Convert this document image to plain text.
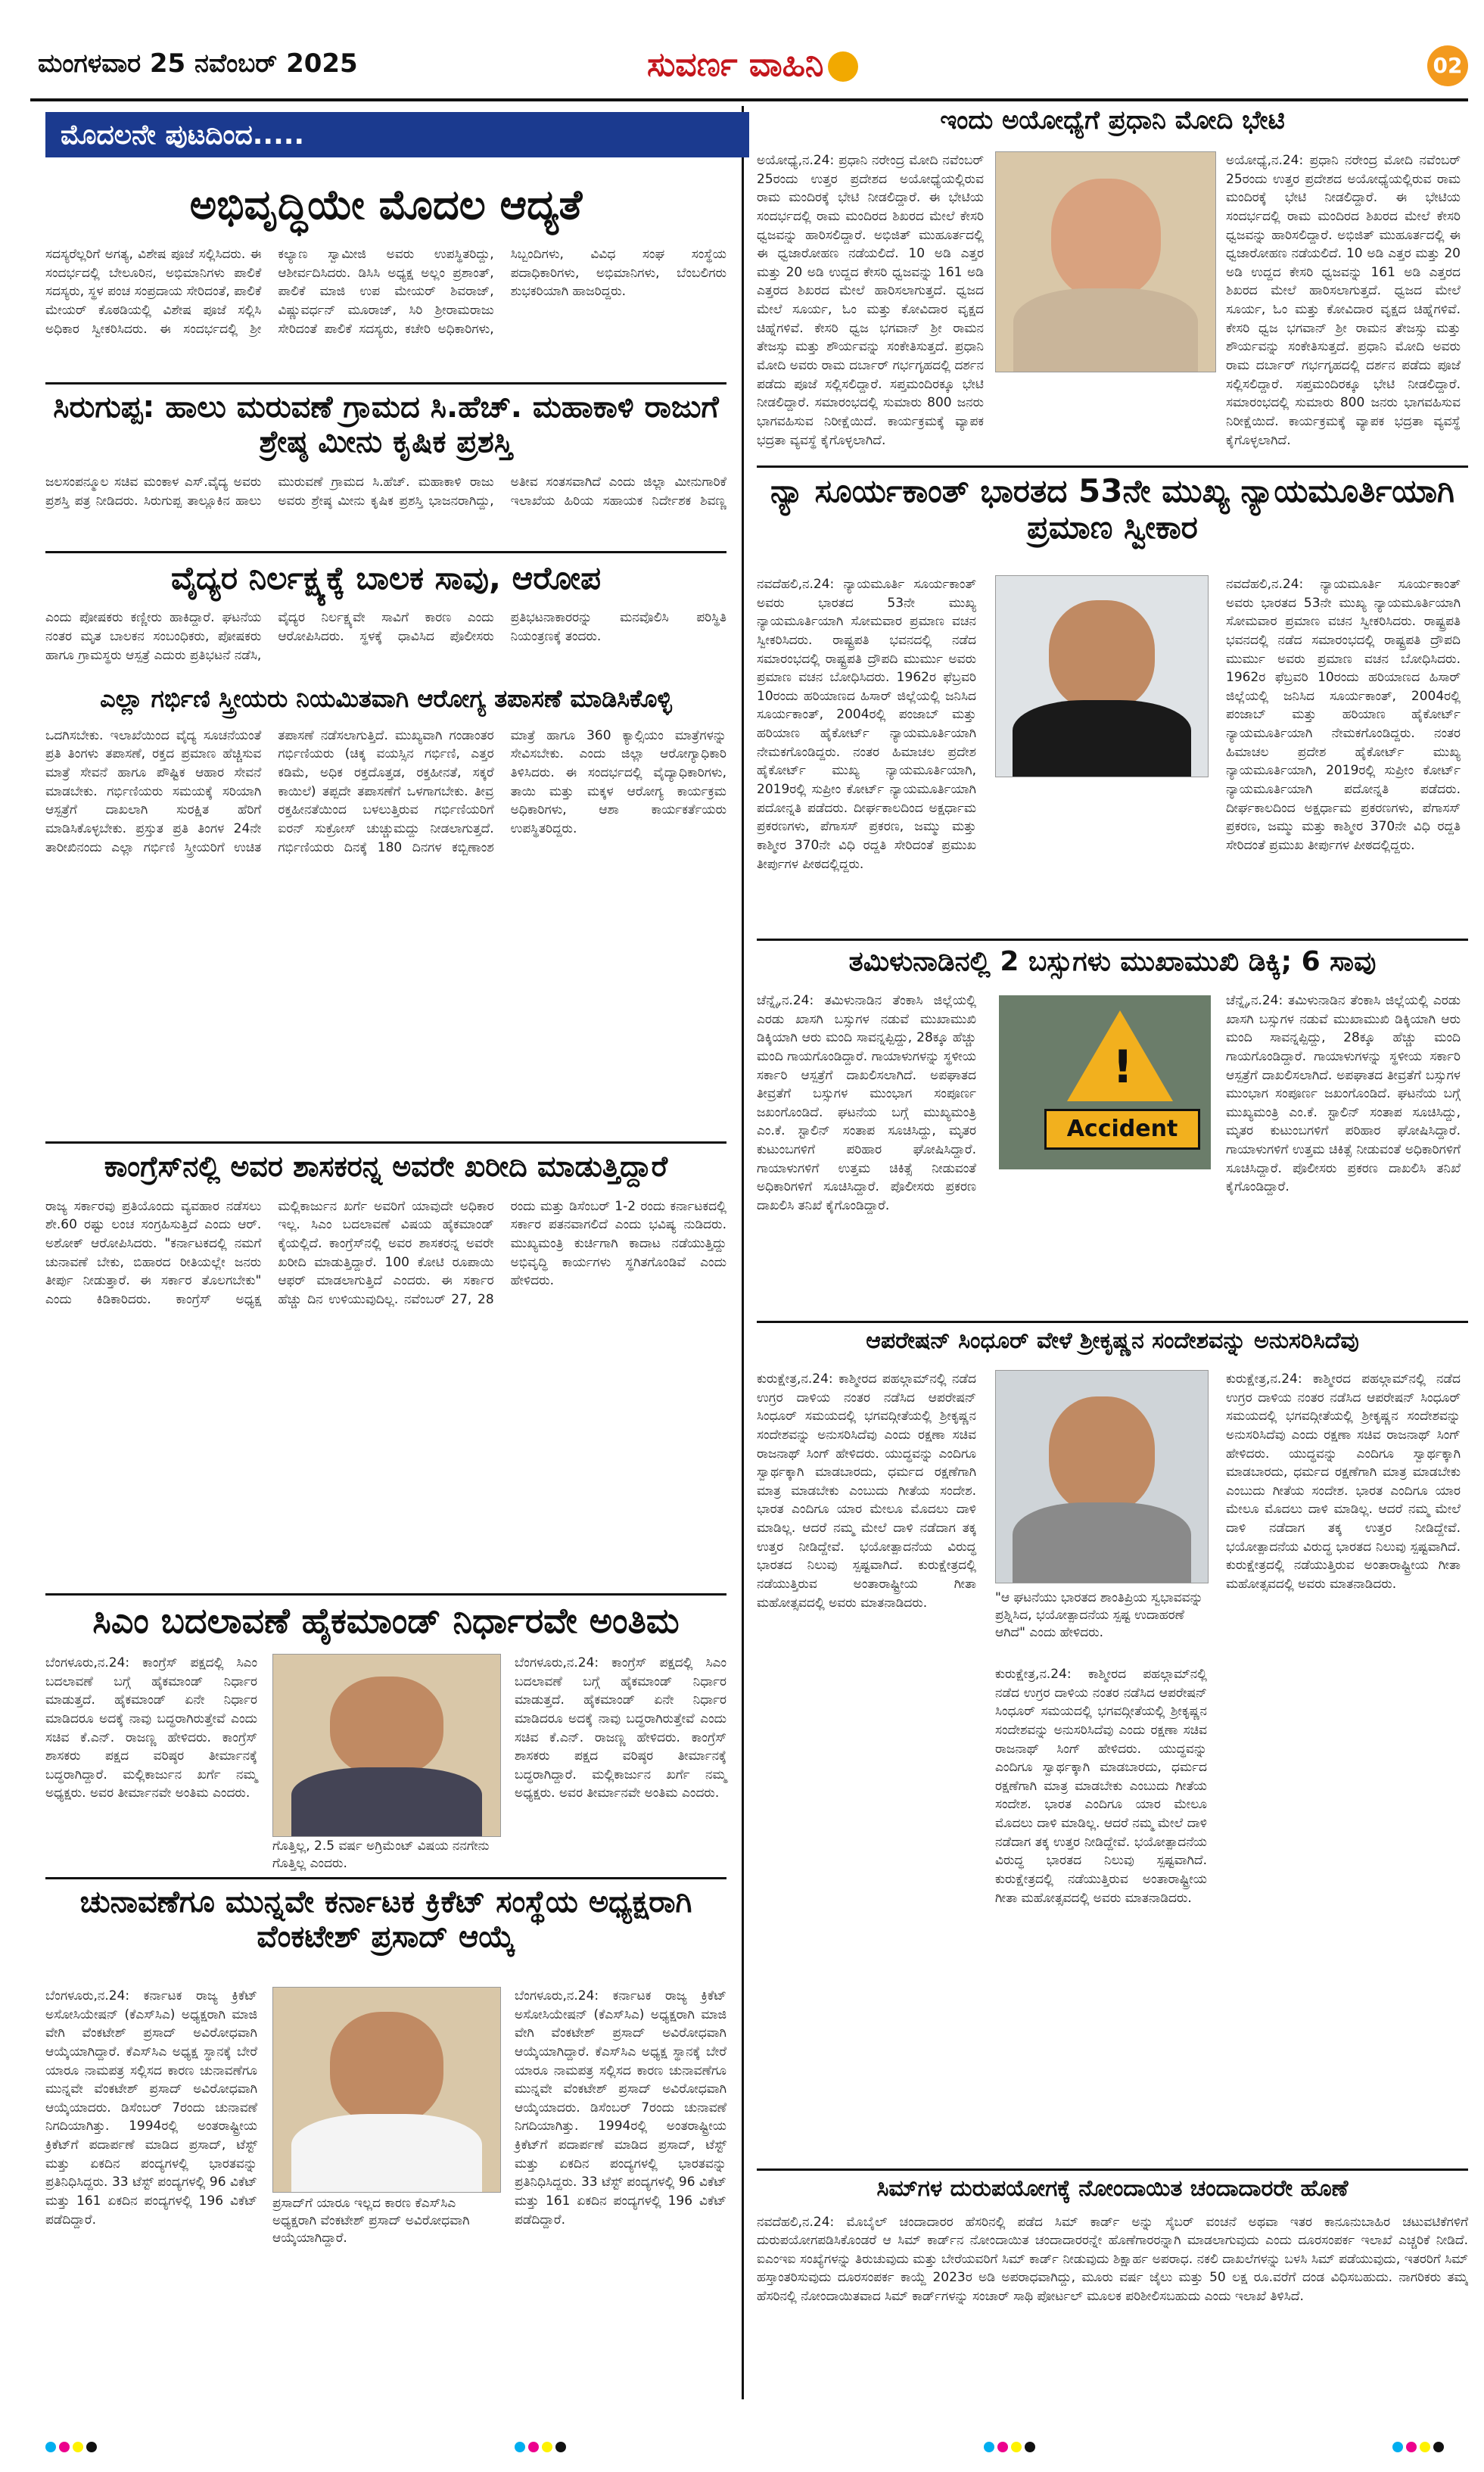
ಮಂಗಳವಾರ 25 ನವೆಂಬರ್ 2025	ಸುವರ್ಣ ವಾಹಿನಿ	02
ಮೊದಲನೇ ಪುಟದಿಂದ.....
ಅಭಿವೃದ್ಧಿಯೇ ಮೊದಲ ಆದ್ಯತೆ
ಸದಸ್ಯರೆಲ್ಲರಿಗೆ ಅಗತ್ಯ, ವಿಶೇಷ ಪೂಜೆ ಸಲ್ಲಿಸಿದರು. ಈ ಸಂದರ್ಭದಲ್ಲಿ ಬೇಲೂರಿನ, ಅಭಿಮಾನಿಗಳು ಪಾಲಿಕೆ ಸದಸ್ಯರು, ಸ್ಥಳ ಪಂಚ ಸಂಪ್ರದಾಯ ಸೇರಿದಂತೆ, ಪಾಲಿಕೆ ಮೇಯರ್ ಕೊಠಡಿಯಲ್ಲಿ ವಿಶೇಷ ಪೂಜೆ ಸಲ್ಲಿಸಿ ಅಧಿಕಾರ ಸ್ವೀಕರಿಸಿದರು. ಈ ಸಂದರ್ಭದಲ್ಲಿ ಶ್ರೀ ಕಲ್ಯಾಣ ಸ್ವಾಮೀಜಿ ಅವರು ಉಪಸ್ಥಿತರಿದ್ದು, ಆಶೀರ್ವದಿಸಿದರು. ಡಿಸಿಸಿ ಅಧ್ಯಕ್ಷ ಅಲ್ಲಂ ಪ್ರಶಾಂತ್, ಪಾಲಿಕೆ ಮಾಜಿ ಉಪ ಮೇಯರ್ ಶಿವರಾಜ್, ವಿಷ್ಣುವರ್ಧನ್ ಮೂರಾಜ್, ಸಿರಿ ಶ್ರೀರಾಮರಾಜು ಸೇರಿದಂತೆ ಪಾಲಿಕೆ ಸದಸ್ಯರು, ಕಚೇರಿ ಅಧಿಕಾರಿಗಳು, ಸಿಬ್ಬಂದಿಗಳು, ವಿವಿಧ ಸಂಘ ಸಂಸ್ಥೆಯ ಪದಾಧಿಕಾರಿಗಳು, ಅಭಿಮಾನಿಗಳು, ಬೆಂಬಲಿಗರು ಶುಭಕರಿಯಾಗಿ ಹಾಜರಿದ್ದರು.
ಸಿರುಗುಪ್ಪ: ಹಾಲು ಮರುವಣೆ ಗ್ರಾಮದ ಸಿ.ಹೆಚ್. ಮಹಾಕಾಳಿ ರಾಜುಗೆ ಶ್ರೇಷ್ಠ ಮೀನು ಕೃಷಿಕ ಪ್ರಶಸ್ತಿ
ಜಲಸಂಪನ್ಮೂಲ ಸಚಿವ ಮಂಕಾಳ ಎಸ್.ವೈದ್ಯ ಅವರು ಪ್ರಶಸ್ತಿ ಪತ್ರ ನೀಡಿದರು. ಸಿರುಗುಪ್ಪ ತಾಲ್ಲೂಕಿನ ಹಾಲು ಮುರುವಣೆ ಗ್ರಾಮದ ಸಿ.ಹೆಚ್. ಮಹಾಕಾಳಿ ರಾಜು ಅವರು ಶ್ರೇಷ್ಠ ಮೀನು ಕೃಷಿಕ ಪ್ರಶಸ್ತಿ ಭಾಜನರಾಗಿದ್ದು, ಅತೀವ ಸಂತಸವಾಗಿದೆ ಎಂದು ಜಿಲ್ಲಾ ಮೀನುಗಾರಿಕೆ ಇಲಾಖೆಯ ಹಿರಿಯ ಸಹಾಯಕ ನಿರ್ದೇಶಕ ಶಿವಣ್ಣ
ವೈದ್ಯರ ನಿರ್ಲಕ್ಷ್ಯಕ್ಕೆ ಬಾಲಕ ಸಾವು, ಆರೋಪ
ಎಂದು ಪೋಷಕರು ಕಣ್ಣೀರು ಹಾಕಿದ್ದಾರೆ. ಘಟನೆಯ ನಂತರ ಮೃತ ಬಾಲಕನ ಸಂಬಂಧಿಕರು, ಪೋಷಕರು ಹಾಗೂ ಗ್ರಾಮಸ್ಥರು ಆಸ್ಪತ್ರೆ ಎದುರು ಪ್ರತಿಭಟನೆ ನಡೆಸಿ, ವೈದ್ಯರ ನಿರ್ಲಕ್ಷ್ಯವೇ ಸಾವಿಗೆ ಕಾರಣ ಎಂದು ಆರೋಪಿಸಿದರು. ಸ್ಥಳಕ್ಕೆ ಧಾವಿಸಿದ ಪೊಲೀಸರು ಪ್ರತಿಭಟನಾಕಾರರನ್ನು ಮನವೊಲಿಸಿ ಪರಿಸ್ಥಿತಿ ನಿಯಂತ್ರಣಕ್ಕೆ ತಂದರು.
ಎಲ್ಲಾ ಗರ್ಭಿಣಿ ಸ್ತ್ರೀಯರು ನಿಯಮಿತವಾಗಿ ಆರೋಗ್ಯ ತಪಾಸಣೆ ಮಾಡಿಸಿಕೊಳ್ಳಿ
ಒದಗಿಸಬೇಕು. ಇಲಾಖೆಯಿಂದ ವೈದ್ಯ ಸೂಚನೆಯಂತೆ ಪ್ರತಿ ತಿಂಗಳು ತಪಾಸಣೆ, ರಕ್ತದ ಪ್ರಮಾಣ ಹೆಚ್ಚಿಸುವ ಮಾತ್ರೆ ಸೇವನೆ ಹಾಗೂ ಪೌಷ್ಟಿಕ ಆಹಾರ ಸೇವನೆ ಮಾಡಬೇಕು. ಗರ್ಭಿಣಿಯರು ಸಮಯಕ್ಕೆ ಸರಿಯಾಗಿ ಆಸ್ಪತ್ರೆಗೆ ದಾಖಲಾಗಿ ಸುರಕ್ಷಿತ ಹೆರಿಗೆ ಮಾಡಿಸಿಕೊಳ್ಳಬೇಕು. ಪ್ರಸ್ತುತ ಪ್ರತಿ ತಿಂಗಳ 24ನೇ ತಾರೀಖಿನಂದು ಎಲ್ಲಾ ಗರ್ಭಿಣಿ ಸ್ತ್ರೀಯರಿಗೆ ಉಚಿತ ತಪಾಸಣೆ ನಡೆಸಲಾಗುತ್ತಿದೆ. ಮುಖ್ಯವಾಗಿ ಗಂಡಾಂತರ ಗರ್ಭಿಣಿಯರು (ಚಿಕ್ಕ ವಯಸ್ಸಿನ ಗರ್ಭಿಣಿ, ಎತ್ತರ ಕಡಿಮೆ, ಅಧಿಕ ರಕ್ತದೊತ್ತಡ, ರಕ್ತಹೀನತೆ, ಸಕ್ಕರೆ ಕಾಯಿಲೆ) ತಪ್ಪದೇ ತಪಾಸಣೆಗೆ ಒಳಗಾಗಬೇಕು. ತೀವ್ರ ರಕ್ತಹೀನತೆಯಿಂದ ಬಳಲುತ್ತಿರುವ ಗರ್ಭಿಣಿಯರಿಗೆ ಐರನ್ ಸುಕ್ರೋಸ್ ಚುಚ್ಚುಮದ್ದು ನೀಡಲಾಗುತ್ತದೆ. ಗರ್ಭಿಣಿಯರು ದಿನಕ್ಕೆ 180 ದಿನಗಳ ಕಬ್ಬಿಣಾಂಶ ಮಾತ್ರೆ ಹಾಗೂ 360 ಕ್ಯಾಲ್ಸಿಯಂ ಮಾತ್ರೆಗಳನ್ನು ಸೇವಿಸಬೇಕು. ಎಂದು ಜಿಲ್ಲಾ ಆರೋಗ್ಯಾಧಿಕಾರಿ ತಿಳಿಸಿದರು. ಈ ಸಂದರ್ಭದಲ್ಲಿ ವೈದ್ಯಾಧಿಕಾರಿಗಳು, ತಾಯಿ ಮತ್ತು ಮಕ್ಕಳ ಆರೋಗ್ಯ ಕಾರ್ಯಕ್ರಮ ಅಧಿಕಾರಿಗಳು, ಆಶಾ ಕಾರ್ಯಕರ್ತೆಯರು ಉಪಸ್ಥಿತರಿದ್ದರು.
ಕಾಂಗ್ರೆಸ್‌ನಲ್ಲಿ ಅವರ ಶಾಸಕರನ್ನ ಅವರೇ ಖರೀದಿ ಮಾಡುತ್ತಿದ್ದಾರೆ
ರಾಜ್ಯ ಸರ್ಕಾರವು ಪ್ರತಿಯೊಂದು ವ್ಯವಹಾರ ನಡೆಸಲು ಶೇ.60 ರಷ್ಟು ಲಂಚ ಸಂಗ್ರಹಿಸುತ್ತಿದೆ ಎಂದು ಆರ್. ಅಶೋಕ್ ಆರೋಪಿಸಿದರು. "ಕರ್ನಾಟಕದಲ್ಲಿ ನಮಗೆ ಚುನಾವಣೆ ಬೇಕು, ಬಿಹಾರದ ರೀತಿಯಲ್ಲೇ ಜನರು ತೀರ್ಪು ನೀಡುತ್ತಾರೆ. ಈ ಸರ್ಕಾರ ತೊಲಗಬೇಕು" ಎಂದು ಕಿಡಿಕಾರಿದರು. ಕಾಂಗ್ರೆಸ್ ಅಧ್ಯಕ್ಷ ಮಲ್ಲಿಕಾರ್ಜುನ ಖರ್ಗೆ ಅವರಿಗೆ ಯಾವುದೇ ಅಧಿಕಾರ ಇಲ್ಲ. ಸಿಎಂ ಬದಲಾವಣೆ ವಿಷಯ ಹೈಕಮಾಂಡ್ ಕೈಯಲ್ಲಿದೆ. ಕಾಂಗ್ರೆಸ್‌ನಲ್ಲಿ ಅವರ ಶಾಸಕರನ್ನ ಅವರೇ ಖರೀದಿ ಮಾಡುತ್ತಿದ್ದಾರೆ. 100 ಕೋಟಿ ರೂಪಾಯಿ ಆಫರ್ ಮಾಡಲಾಗುತ್ತಿದೆ ಎಂದರು. ಈ ಸರ್ಕಾರ ಹೆಚ್ಚು ದಿನ ಉಳಿಯುವುದಿಲ್ಲ. ನವೆಂಬರ್ 27, 28 ರಂದು ಮತ್ತು ಡಿಸೆಂಬರ್ 1-2 ರಂದು ಕರ್ನಾಟಕದಲ್ಲಿ ಸರ್ಕಾರ ಪತನವಾಗಲಿದೆ ಎಂದು ಭವಿಷ್ಯ ನುಡಿದರು. ಮುಖ್ಯಮಂತ್ರಿ ಕುರ್ಚಿಗಾಗಿ ಕಾದಾಟ ನಡೆಯುತ್ತಿದ್ದು ಅಭಿವೃದ್ಧಿ ಕಾರ್ಯಗಳು ಸ್ಥಗಿತಗೊಂಡಿವೆ ಎಂದು ಹೇಳಿದರು.
ಸಿಎಂ ಬದಲಾವಣೆ ಹೈಕಮಾಂಡ್ ನಿರ್ಧಾರವೇ ಅಂತಿಮ
ಬೆಂಗಳೂರು,ನ.24: ಕಾಂಗ್ರೆಸ್ ಪಕ್ಷದಲ್ಲಿ ಸಿಎಂ ಬದಲಾವಣೆ ಬಗ್ಗೆ ಹೈಕಮಾಂಡ್ ನಿರ್ಧಾರ ಮಾಡುತ್ತದೆ. ಹೈಕಮಾಂಡ್ ಏನೇ ನಿರ್ಧಾರ ಮಾಡಿದರೂ ಅದಕ್ಕೆ ನಾವು ಬದ್ಧರಾಗಿರುತ್ತೇವೆ ಎಂದು ಸಚಿವ ಕೆ.ಎನ್. ರಾಜಣ್ಣ ಹೇಳಿದರು. ಕಾಂಗ್ರೆಸ್ ಶಾಸಕರು ಪಕ್ಷದ ವರಿಷ್ಠರ ತೀರ್ಮಾನಕ್ಕೆ ಬದ್ಧರಾಗಿದ್ದಾರೆ. ಮಲ್ಲಿಕಾರ್ಜುನ ಖರ್ಗೆ ನಮ್ಮ ಅಧ್ಯಕ್ಷರು. ಅವರ ತೀರ್ಮಾನವೇ ಅಂತಿಮ ಎಂದರು.
ಗೊತ್ತಿಲ್ಲ, 2.5 ವರ್ಷ ಅಗ್ರಿಮೆಂಟ್ ವಿಷಯ ನನಗೇನು ಗೊತ್ತಿಲ್ಲ ಎಂದರು.
ಬೆಂಗಳೂರು,ನ.24: ಕಾಂಗ್ರೆಸ್ ಪಕ್ಷದಲ್ಲಿ ಸಿಎಂ ಬದಲಾವಣೆ ಬಗ್ಗೆ ಹೈಕಮಾಂಡ್ ನಿರ್ಧಾರ ಮಾಡುತ್ತದೆ. ಹೈಕಮಾಂಡ್ ಏನೇ ನಿರ್ಧಾರ ಮಾಡಿದರೂ ಅದಕ್ಕೆ ನಾವು ಬದ್ಧರಾಗಿರುತ್ತೇವೆ ಎಂದು ಸಚಿವ ಕೆ.ಎನ್. ರಾಜಣ್ಣ ಹೇಳಿದರು. ಕಾಂಗ್ರೆಸ್ ಶಾಸಕರು ಪಕ್ಷದ ವರಿಷ್ಠರ ತೀರ್ಮಾನಕ್ಕೆ ಬದ್ಧರಾಗಿದ್ದಾರೆ. ಮಲ್ಲಿಕಾರ್ಜುನ ಖರ್ಗೆ ನಮ್ಮ ಅಧ್ಯಕ್ಷರು. ಅವರ ತೀರ್ಮಾನವೇ ಅಂತಿಮ ಎಂದರು.
ಚುನಾವಣೆಗೂ ಮುನ್ನವೇ ಕರ್ನಾಟಕ ಕ್ರಿಕೆಟ್ ಸಂಸ್ಥೆಯ ಅಧ್ಯಕ್ಷರಾಗಿ ವೆಂಕಟೇಶ್ ಪ್ರಸಾದ್ ಆಯ್ಕೆ
ಬೆಂಗಳೂರು,ನ.24: ಕರ್ನಾಟಕ ರಾಜ್ಯ ಕ್ರಿಕೆಟ್ ಅಸೋಸಿಯೇಷನ್ (ಕೆಎಸ್‌ಸಿಎ) ಅಧ್ಯಕ್ಷರಾಗಿ ಮಾಜಿ ವೇಗಿ ವೆಂಕಟೇಶ್ ಪ್ರಸಾದ್ ಅವಿರೋಧವಾಗಿ ಆಯ್ಕೆಯಾಗಿದ್ದಾರೆ. ಕೆಎಸ್‌ಸಿಎ ಅಧ್ಯಕ್ಷ ಸ್ಥಾನಕ್ಕೆ ಬೇರೆ ಯಾರೂ ನಾಮಪತ್ರ ಸಲ್ಲಿಸದ ಕಾರಣ ಚುನಾವಣೆಗೂ ಮುನ್ನವೇ ವೆಂಕಟೇಶ್ ಪ್ರಸಾದ್ ಅವಿರೋಧವಾಗಿ ಆಯ್ಕೆಯಾದರು. ಡಿಸೆಂಬರ್ 7ರಂದು ಚುನಾವಣೆ ನಿಗದಿಯಾಗಿತ್ತು. 1994ರಲ್ಲಿ ಅಂತರಾಷ್ಟ್ರೀಯ ಕ್ರಿಕೆಟ್‌ಗೆ ಪದಾರ್ಪಣೆ ಮಾಡಿದ ಪ್ರಸಾದ್, ಟೆಸ್ಟ್ ಮತ್ತು ಏಕದಿನ ಪಂದ್ಯಗಳಲ್ಲಿ ಭಾರತವನ್ನು ಪ್ರತಿನಿಧಿಸಿದ್ದರು. 33 ಟೆಸ್ಟ್ ಪಂದ್ಯಗಳಲ್ಲಿ 96 ವಿಕೆಟ್ ಮತ್ತು 161 ಏಕದಿನ ಪಂದ್ಯಗಳಲ್ಲಿ 196 ವಿಕೆಟ್ ಪಡೆದಿದ್ದಾರೆ.
ಪ್ರಸಾದ್‌ಗೆ ಯಾರೂ ಇಲ್ಲದ ಕಾರಣ ಕೆಎಸ್‌ಸಿಎ ಅಧ್ಯಕ್ಷರಾಗಿ ವೆಂಕಟೇಶ್ ಪ್ರಸಾದ್ ಅವಿರೋಧವಾಗಿ ಆಯ್ಕೆಯಾಗಿದ್ದಾರೆ.
ಬೆಂಗಳೂರು,ನ.24: ಕರ್ನಾಟಕ ರಾಜ್ಯ ಕ್ರಿಕೆಟ್ ಅಸೋಸಿಯೇಷನ್ (ಕೆಎಸ್‌ಸಿಎ) ಅಧ್ಯಕ್ಷರಾಗಿ ಮಾಜಿ ವೇಗಿ ವೆಂಕಟೇಶ್ ಪ್ರಸಾದ್ ಅವಿರೋಧವಾಗಿ ಆಯ್ಕೆಯಾಗಿದ್ದಾರೆ. ಕೆಎಸ್‌ಸಿಎ ಅಧ್ಯಕ್ಷ ಸ್ಥಾನಕ್ಕೆ ಬೇರೆ ಯಾರೂ ನಾಮಪತ್ರ ಸಲ್ಲಿಸದ ಕಾರಣ ಚುನಾವಣೆಗೂ ಮುನ್ನವೇ ವೆಂಕಟೇಶ್ ಪ್ರಸಾದ್ ಅವಿರೋಧವಾಗಿ ಆಯ್ಕೆಯಾದರು. ಡಿಸೆಂಬರ್ 7ರಂದು ಚುನಾವಣೆ ನಿಗದಿಯಾಗಿತ್ತು. 1994ರಲ್ಲಿ ಅಂತರಾಷ್ಟ್ರೀಯ ಕ್ರಿಕೆಟ್‌ಗೆ ಪದಾರ್ಪಣೆ ಮಾಡಿದ ಪ್ರಸಾದ್, ಟೆಸ್ಟ್ ಮತ್ತು ಏಕದಿನ ಪಂದ್ಯಗಳಲ್ಲಿ ಭಾರತವನ್ನು ಪ್ರತಿನಿಧಿಸಿದ್ದರು. 33 ಟೆಸ್ಟ್ ಪಂದ್ಯಗಳಲ್ಲಿ 96 ವಿಕೆಟ್ ಮತ್ತು 161 ಏಕದಿನ ಪಂದ್ಯಗಳಲ್ಲಿ 196 ವಿಕೆಟ್ ಪಡೆದಿದ್ದಾರೆ.
ಇಂದು ಅಯೋಧ್ಯೆಗೆ ಪ್ರಧಾನಿ ಮೋದಿ ಭೇಟಿ
ಅಯೋಧ್ಯೆ,ನ.24: ಪ್ರಧಾನಿ ನರೇಂದ್ರ ಮೋದಿ ನವೆಂಬರ್ 25ರಂದು ಉತ್ತರ ಪ್ರದೇಶದ ಅಯೋಧ್ಯೆಯಲ್ಲಿರುವ ರಾಮ ಮಂದಿರಕ್ಕೆ ಭೇಟಿ ನೀಡಲಿದ್ದಾರೆ. ಈ ಭೇಟಿಯ ಸಂದರ್ಭದಲ್ಲಿ ರಾಮ ಮಂದಿರದ ಶಿಖರದ ಮೇಲೆ ಕೇಸರಿ ಧ್ವಜವನ್ನು ಹಾರಿಸಲಿದ್ದಾರೆ. ಅಭಿಜಿತ್ ಮುಹೂರ್ತದಲ್ಲಿ ಈ ಧ್ವಜಾರೋಹಣ ನಡೆಯಲಿದೆ. 10 ಅಡಿ ಎತ್ತರ ಮತ್ತು 20 ಅಡಿ ಉದ್ದದ ಕೇಸರಿ ಧ್ವಜವನ್ನು 161 ಅಡಿ ಎತ್ತರದ ಶಿಖರದ ಮೇಲೆ ಹಾರಿಸಲಾಗುತ್ತದೆ. ಧ್ವಜದ ಮೇಲೆ ಸೂರ್ಯ, ಓಂ ಮತ್ತು ಕೋವಿದಾರ ವೃಕ್ಷದ ಚಿಹ್ನೆಗಳಿವೆ. ಕೇಸರಿ ಧ್ವಜ ಭಗವಾನ್ ಶ್ರೀ ರಾಮನ ತೇಜಸ್ಸು ಮತ್ತು ಶೌರ್ಯವನ್ನು ಸಂಕೇತಿಸುತ್ತದೆ. ಪ್ರಧಾನಿ ಮೋದಿ ಅವರು ರಾಮ ದರ್ಬಾರ್ ಗರ್ಭಗೃಹದಲ್ಲಿ ದರ್ಶನ ಪಡೆದು ಪೂಜೆ ಸಲ್ಲಿಸಲಿದ್ದಾರೆ. ಸಪ್ತಮಂದಿರಕ್ಕೂ ಭೇಟಿ ನೀಡಲಿದ್ದಾರೆ. ಸಮಾರಂಭದಲ್ಲಿ ಸುಮಾರು 800 ಜನರು ಭಾಗವಹಿಸುವ ನಿರೀಕ್ಷೆಯಿದೆ. ಕಾರ್ಯಕ್ರಮಕ್ಕೆ ವ್ಯಾಪಕ ಭದ್ರತಾ ವ್ಯವಸ್ಥೆ ಕೈಗೊಳ್ಳಲಾಗಿದೆ.
ಅಯೋಧ್ಯೆ,ನ.24: ಪ್ರಧಾನಿ ನರೇಂದ್ರ ಮೋದಿ ನವೆಂಬರ್ 25ರಂದು ಉತ್ತರ ಪ್ರದೇಶದ ಅಯೋಧ್ಯೆಯಲ್ಲಿರುವ ರಾಮ ಮಂದಿರಕ್ಕೆ ಭೇಟಿ ನೀಡಲಿದ್ದಾರೆ. ಈ ಭೇಟಿಯ ಸಂದರ್ಭದಲ್ಲಿ ರಾಮ ಮಂದಿರದ ಶಿಖರದ ಮೇಲೆ ಕೇಸರಿ ಧ್ವಜವನ್ನು ಹಾರಿಸಲಿದ್ದಾರೆ. ಅಭಿಜಿತ್ ಮುಹೂರ್ತದಲ್ಲಿ ಈ ಧ್ವಜಾರೋಹಣ ನಡೆಯಲಿದೆ. 10 ಅಡಿ ಎತ್ತರ ಮತ್ತು 20 ಅಡಿ ಉದ್ದದ ಕೇಸರಿ ಧ್ವಜವನ್ನು 161 ಅಡಿ ಎತ್ತರದ ಶಿಖರದ ಮೇಲೆ ಹಾರಿಸಲಾಗುತ್ತದೆ. ಧ್ವಜದ ಮೇಲೆ ಸೂರ್ಯ, ಓಂ ಮತ್ತು ಕೋವಿದಾರ ವೃಕ್ಷದ ಚಿಹ್ನೆಗಳಿವೆ. ಕೇಸರಿ ಧ್ವಜ ಭಗವಾನ್ ಶ್ರೀ ರಾಮನ ತೇಜಸ್ಸು ಮತ್ತು ಶೌರ್ಯವನ್ನು ಸಂಕೇತಿಸುತ್ತದೆ. ಪ್ರಧಾನಿ ಮೋದಿ ಅವರು ರಾಮ ದರ್ಬಾರ್ ಗರ್ಭಗೃಹದಲ್ಲಿ ದರ್ಶನ ಪಡೆದು ಪೂಜೆ ಸಲ್ಲಿಸಲಿದ್ದಾರೆ. ಸಪ್ತಮಂದಿರಕ್ಕೂ ಭೇಟಿ ನೀಡಲಿದ್ದಾರೆ. ಸಮಾರಂಭದಲ್ಲಿ ಸುಮಾರು 800 ಜನರು ಭಾಗವಹಿಸುವ ನಿರೀಕ್ಷೆಯಿದೆ. ಕಾರ್ಯಕ್ರಮಕ್ಕೆ ವ್ಯಾಪಕ ಭದ್ರತಾ ವ್ಯವಸ್ಥೆ ಕೈಗೊಳ್ಳಲಾಗಿದೆ.
ನ್ಯಾ ಸೂರ್ಯಕಾಂತ್ ಭಾರತದ 53ನೇ ಮುಖ್ಯ ನ್ಯಾಯಮೂರ್ತಿಯಾಗಿ ಪ್ರಮಾಣ ಸ್ವೀಕಾರ
ನವದೆಹಲಿ,ನ.24: ನ್ಯಾಯಮೂರ್ತಿ ಸೂರ್ಯಕಾಂತ್ ಅವರು ಭಾರತದ 53ನೇ ಮುಖ್ಯ ನ್ಯಾಯಮೂರ್ತಿಯಾಗಿ ಸೋಮವಾರ ಪ್ರಮಾಣ ವಚನ ಸ್ವೀಕರಿಸಿದರು. ರಾಷ್ಟ್ರಪತಿ ಭವನದಲ್ಲಿ ನಡೆದ ಸಮಾರಂಭದಲ್ಲಿ ರಾಷ್ಟ್ರಪತಿ ದ್ರೌಪದಿ ಮುರ್ಮು ಅವರು ಪ್ರಮಾಣ ವಚನ ಬೋಧಿಸಿದರು. 1962ರ ಫೆಬ್ರವರಿ 10ರಂದು ಹರಿಯಾಣದ ಹಿಸಾರ್ ಜಿಲ್ಲೆಯಲ್ಲಿ ಜನಿಸಿದ ಸೂರ್ಯಕಾಂತ್, 2004ರಲ್ಲಿ ಪಂಜಾಬ್ ಮತ್ತು ಹರಿಯಾಣ ಹೈಕೋರ್ಟ್ ನ್ಯಾಯಮೂರ್ತಿಯಾಗಿ ನೇಮಕಗೊಂಡಿದ್ದರು. ನಂತರ ಹಿಮಾಚಲ ಪ್ರದೇಶ ಹೈಕೋರ್ಟ್ ಮುಖ್ಯ ನ್ಯಾಯಮೂರ್ತಿಯಾಗಿ, 2019ರಲ್ಲಿ ಸುಪ್ರೀಂ ಕೋರ್ಟ್ ನ್ಯಾಯಮೂರ್ತಿಯಾಗಿ ಪದೋನ್ನತಿ ಪಡೆದರು. ದೀರ್ಘಕಾಲದಿಂದ ಅಕ್ಷರ್ಧಾಮ ಪ್ರಕರಣಗಳು, ಪೆಗಾಸಸ್ ಪ್ರಕರಣ, ಜಮ್ಮು ಮತ್ತು ಕಾಶ್ಮೀರ 370ನೇ ವಿಧಿ ರದ್ದತಿ ಸೇರಿದಂತೆ ಪ್ರಮುಖ ತೀರ್ಪುಗಳ ಪೀಠದಲ್ಲಿದ್ದರು.
ನವದೆಹಲಿ,ನ.24: ನ್ಯಾಯಮೂರ್ತಿ ಸೂರ್ಯಕಾಂತ್ ಅವರು ಭಾರತದ 53ನೇ ಮುಖ್ಯ ನ್ಯಾಯಮೂರ್ತಿಯಾಗಿ ಸೋಮವಾರ ಪ್ರಮಾಣ ವಚನ ಸ್ವೀಕರಿಸಿದರು. ರಾಷ್ಟ್ರಪತಿ ಭವನದಲ್ಲಿ ನಡೆದ ಸಮಾರಂಭದಲ್ಲಿ ರಾಷ್ಟ್ರಪತಿ ದ್ರೌಪದಿ ಮುರ್ಮು ಅವರು ಪ್ರಮಾಣ ವಚನ ಬೋಧಿಸಿದರು. 1962ರ ಫೆಬ್ರವರಿ 10ರಂದು ಹರಿಯಾಣದ ಹಿಸಾರ್ ಜಿಲ್ಲೆಯಲ್ಲಿ ಜನಿಸಿದ ಸೂರ್ಯಕಾಂತ್, 2004ರಲ್ಲಿ ಪಂಜಾಬ್ ಮತ್ತು ಹರಿಯಾಣ ಹೈಕೋರ್ಟ್ ನ್ಯಾಯಮೂರ್ತಿಯಾಗಿ ನೇಮಕಗೊಂಡಿದ್ದರು. ನಂತರ ಹಿಮಾಚಲ ಪ್ರದೇಶ ಹೈಕೋರ್ಟ್ ಮುಖ್ಯ ನ್ಯಾಯಮೂರ್ತಿಯಾಗಿ, 2019ರಲ್ಲಿ ಸುಪ್ರೀಂ ಕೋರ್ಟ್ ನ್ಯಾಯಮೂರ್ತಿಯಾಗಿ ಪದೋನ್ನತಿ ಪಡೆದರು. ದೀರ್ಘಕಾಲದಿಂದ ಅಕ್ಷರ್ಧಾಮ ಪ್ರಕರಣಗಳು, ಪೆಗಾಸಸ್ ಪ್ರಕರಣ, ಜಮ್ಮು ಮತ್ತು ಕಾಶ್ಮೀರ 370ನೇ ವಿಧಿ ರದ್ದತಿ ಸೇರಿದಂತೆ ಪ್ರಮುಖ ತೀರ್ಪುಗಳ ಪೀಠದಲ್ಲಿದ್ದರು.
ತಮಿಳುನಾಡಿನಲ್ಲಿ 2 ಬಸ್ಸುಗಳು ಮುಖಾಮುಖಿ ಡಿಕ್ಕಿ; 6 ಸಾವು
ಚೆನ್ನೈ,ನ.24: ತಮಿಳುನಾಡಿನ ತೆಂಕಾಸಿ ಜಿಲ್ಲೆಯಲ್ಲಿ ಎರಡು ಖಾಸಗಿ ಬಸ್ಸುಗಳ ನಡುವೆ ಮುಖಾಮುಖಿ ಡಿಕ್ಕಿಯಾಗಿ ಆರು ಮಂದಿ ಸಾವನ್ನಪ್ಪಿದ್ದು, 28ಕ್ಕೂ ಹೆಚ್ಚು ಮಂದಿ ಗಾಯಗೊಂಡಿದ್ದಾರೆ. ಗಾಯಾಳುಗಳನ್ನು ಸ್ಥಳೀಯ ಸರ್ಕಾರಿ ಆಸ್ಪತ್ರೆಗೆ ದಾಖಲಿಸಲಾಗಿದೆ. ಅಪಘಾತದ ತೀವ್ರತೆಗೆ ಬಸ್ಸುಗಳ ಮುಂಭಾಗ ಸಂಪೂರ್ಣ ಜಖಂಗೊಂಡಿದೆ. ಘಟನೆಯ ಬಗ್ಗೆ ಮುಖ್ಯಮಂತ್ರಿ ಎಂ.ಕೆ. ಸ್ಟಾಲಿನ್ ಸಂತಾಪ ಸೂಚಿಸಿದ್ದು, ಮೃತರ ಕುಟುಂಬಗಳಿಗೆ ಪರಿಹಾರ ಘೋಷಿಸಿದ್ದಾರೆ. ಗಾಯಾಳುಗಳಿಗೆ ಉತ್ತಮ ಚಿಕಿತ್ಸೆ ನೀಡುವಂತೆ ಅಧಿಕಾರಿಗಳಿಗೆ ಸೂಚಿಸಿದ್ದಾರೆ. ಪೊಲೀಸರು ಪ್ರಕರಣ ದಾಖಲಿಸಿ ತನಿಖೆ ಕೈಗೊಂಡಿದ್ದಾರೆ.
ಚೆನ್ನೈ,ನ.24: ತಮಿಳುನಾಡಿನ ತೆಂಕಾಸಿ ಜಿಲ್ಲೆಯಲ್ಲಿ ಎರಡು ಖಾಸಗಿ ಬಸ್ಸುಗಳ ನಡುವೆ ಮುಖಾಮುಖಿ ಡಿಕ್ಕಿಯಾಗಿ ಆರು ಮಂದಿ ಸಾವನ್ನಪ್ಪಿದ್ದು, 28ಕ್ಕೂ ಹೆಚ್ಚು ಮಂದಿ ಗಾಯಗೊಂಡಿದ್ದಾರೆ. ಗಾಯಾಳುಗಳನ್ನು ಸ್ಥಳೀಯ ಸರ್ಕಾರಿ ಆಸ್ಪತ್ರೆಗೆ ದಾಖಲಿಸಲಾಗಿದೆ. ಅಪಘಾತದ ತೀವ್ರತೆಗೆ ಬಸ್ಸುಗಳ ಮುಂಭಾಗ ಸಂಪೂರ್ಣ ಜಖಂಗೊಂಡಿದೆ. ಘಟನೆಯ ಬಗ್ಗೆ ಮುಖ್ಯಮಂತ್ರಿ ಎಂ.ಕೆ. ಸ್ಟಾಲಿನ್ ಸಂತಾಪ ಸೂಚಿಸಿದ್ದು, ಮೃತರ ಕುಟುಂಬಗಳಿಗೆ ಪರಿಹಾರ ಘೋಷಿಸಿದ್ದಾರೆ. ಗಾಯಾಳುಗಳಿಗೆ ಉತ್ತಮ ಚಿಕಿತ್ಸೆ ನೀಡುವಂತೆ ಅಧಿಕಾರಿಗಳಿಗೆ ಸೂಚಿಸಿದ್ದಾರೆ. ಪೊಲೀಸರು ಪ್ರಕರಣ ದಾಖಲಿಸಿ ತನಿಖೆ ಕೈಗೊಂಡಿದ್ದಾರೆ.
!
Accident
ಆಪರೇಷನ್ ಸಿಂಧೂರ್ ವೇಳೆ ಶ್ರೀಕೃಷ್ಣನ ಸಂದೇಶವನ್ನು ಅನುಸರಿಸಿದೆವು
ಕುರುಕ್ಷೇತ್ರ,ನ.24: ಕಾಶ್ಮೀರದ ಪಹಲ್ಗಾಮ್‌ನಲ್ಲಿ ನಡೆದ ಉಗ್ರರ ದಾಳಿಯ ನಂತರ ನಡೆಸಿದ ಆಪರೇಷನ್ ಸಿಂಧೂರ್ ಸಮಯದಲ್ಲಿ ಭಗವದ್ಗೀತೆಯಲ್ಲಿ ಶ್ರೀಕೃಷ್ಣನ ಸಂದೇಶವನ್ನು ಅನುಸರಿಸಿದೆವು ಎಂದು ರಕ್ಷಣಾ ಸಚಿವ ರಾಜನಾಥ್ ಸಿಂಗ್ ಹೇಳಿದರು. ಯುದ್ಧವನ್ನು ಎಂದಿಗೂ ಸ್ವಾರ್ಥಕ್ಕಾಗಿ ಮಾಡಬಾರದು, ಧರ್ಮದ ರಕ್ಷಣೆಗಾಗಿ ಮಾತ್ರ ಮಾಡಬೇಕು ಎಂಬುದು ಗೀತೆಯ ಸಂದೇಶ. ಭಾರತ ಎಂದಿಗೂ ಯಾರ ಮೇಲೂ ಮೊದಲು ದಾಳಿ ಮಾಡಿಲ್ಲ. ಆದರೆ ನಮ್ಮ ಮೇಲೆ ದಾಳಿ ನಡೆದಾಗ ತಕ್ಕ ಉತ್ತರ ನೀಡಿದ್ದೇವೆ. ಭಯೋತ್ಪಾದನೆಯ ವಿರುದ್ಧ ಭಾರತದ ನಿಲುವು ಸ್ಪಷ್ಟವಾಗಿದೆ. ಕುರುಕ್ಷೇತ್ರದಲ್ಲಿ ನಡೆಯುತ್ತಿರುವ ಅಂತಾರಾಷ್ಟ್ರೀಯ ಗೀತಾ ಮಹೋತ್ಸವದಲ್ಲಿ ಅವರು ಮಾತನಾಡಿದರು.	"ಆ ಘಟನೆಯು ಭಾರತದ ಶಾಂತಿಪ್ರಿಯ ಸ್ವಭಾವವನ್ನು ಪ್ರಶ್ನಿಸಿದ, ಭಯೋತ್ಪಾದನೆಯ ಸ್ಪಷ್ಟ ಉದಾಹರಣೆ ಆಗಿದೆ" ಎಂದು ಹೇಳಿದರು.
ಕುರುಕ್ಷೇತ್ರ,ನ.24: ಕಾಶ್ಮೀರದ ಪಹಲ್ಗಾಮ್‌ನಲ್ಲಿ ನಡೆದ ಉಗ್ರರ ದಾಳಿಯ ನಂತರ ನಡೆಸಿದ ಆಪರೇಷನ್ ಸಿಂಧೂರ್ ಸಮಯದಲ್ಲಿ ಭಗವದ್ಗೀತೆಯಲ್ಲಿ ಶ್ರೀಕೃಷ್ಣನ ಸಂದೇಶವನ್ನು ಅನುಸರಿಸಿದೆವು ಎಂದು ರಕ್ಷಣಾ ಸಚಿವ ರಾಜನಾಥ್ ಸಿಂಗ್ ಹೇಳಿದರು. ಯುದ್ಧವನ್ನು ಎಂದಿಗೂ ಸ್ವಾರ್ಥಕ್ಕಾಗಿ ಮಾಡಬಾರದು, ಧರ್ಮದ ರಕ್ಷಣೆಗಾಗಿ ಮಾತ್ರ ಮಾಡಬೇಕು ಎಂಬುದು ಗೀತೆಯ ಸಂದೇಶ. ಭಾರತ ಎಂದಿಗೂ ಯಾರ ಮೇಲೂ ಮೊದಲು ದಾಳಿ ಮಾಡಿಲ್ಲ. ಆದರೆ ನಮ್ಮ ಮೇಲೆ ದಾಳಿ ನಡೆದಾಗ ತಕ್ಕ ಉತ್ತರ ನೀಡಿದ್ದೇವೆ. ಭಯೋತ್ಪಾದನೆಯ ವಿರುದ್ಧ ಭಾರತದ ನಿಲುವು ಸ್ಪಷ್ಟವಾಗಿದೆ. ಕುರುಕ್ಷೇತ್ರದಲ್ಲಿ ನಡೆಯುತ್ತಿರುವ ಅಂತಾರಾಷ್ಟ್ರೀಯ ಗೀತಾ ಮಹೋತ್ಸವದಲ್ಲಿ ಅವರು ಮಾತನಾಡಿದರು.
ಕುರುಕ್ಷೇತ್ರ,ನ.24: ಕಾಶ್ಮೀರದ ಪಹಲ್ಗಾಮ್‌ನಲ್ಲಿ ನಡೆದ ಉಗ್ರರ ದಾಳಿಯ ನಂತರ ನಡೆಸಿದ ಆಪರೇಷನ್ ಸಿಂಧೂರ್ ಸಮಯದಲ್ಲಿ ಭಗವದ್ಗೀತೆಯಲ್ಲಿ ಶ್ರೀಕೃಷ್ಣನ ಸಂದೇಶವನ್ನು ಅನುಸರಿಸಿದೆವು ಎಂದು ರಕ್ಷಣಾ ಸಚಿವ ರಾಜನಾಥ್ ಸಿಂಗ್ ಹೇಳಿದರು. ಯುದ್ಧವನ್ನು ಎಂದಿಗೂ ಸ್ವಾರ್ಥಕ್ಕಾಗಿ ಮಾಡಬಾರದು, ಧರ್ಮದ ರಕ್ಷಣೆಗಾಗಿ ಮಾತ್ರ ಮಾಡಬೇಕು ಎಂಬುದು ಗೀತೆಯ ಸಂದೇಶ. ಭಾರತ ಎಂದಿಗೂ ಯಾರ ಮೇಲೂ ಮೊದಲು ದಾಳಿ ಮಾಡಿಲ್ಲ. ಆದರೆ ನಮ್ಮ ಮೇಲೆ ದಾಳಿ ನಡೆದಾಗ ತಕ್ಕ ಉತ್ತರ ನೀಡಿದ್ದೇವೆ. ಭಯೋತ್ಪಾದನೆಯ ವಿರುದ್ಧ ಭಾರತದ ನಿಲುವು ಸ್ಪಷ್ಟವಾಗಿದೆ. ಕುರುಕ್ಷೇತ್ರದಲ್ಲಿ ನಡೆಯುತ್ತಿರುವ ಅಂತಾರಾಷ್ಟ್ರೀಯ ಗೀತಾ ಮಹೋತ್ಸವದಲ್ಲಿ ಅವರು ಮಾತನಾಡಿದರು.
ಸಿಮ್‌ಗಳ ದುರುಪಯೋಗಕ್ಕೆ ನೋಂದಾಯಿತ ಚಂದಾದಾರರೇ ಹೊಣೆ
ನವದೆಹಲಿ,ನ.24: ಮೊಬೈಲ್ ಚಂದಾದಾರರ ಹೆಸರಿನಲ್ಲಿ ಪಡೆದ ಸಿಮ್ ಕಾರ್ಡ್ ಅನ್ನು ಸೈಬರ್ ವಂಚನೆ ಅಥವಾ ಇತರ ಕಾನೂನುಬಾಹಿರ ಚಟುವಟಿಕೆಗಳಿಗೆ ದುರುಪಯೋಗಪಡಿಸಿಕೊಂಡರೆ ಆ ಸಿಮ್ ಕಾರ್ಡ್‌ನ ನೋಂದಾಯಿತ ಚಂದಾದಾರರನ್ನೇ ಹೊಣೆಗಾರರನ್ನಾಗಿ ಮಾಡಲಾಗುವುದು ಎಂದು ದೂರಸಂಪರ್ಕ ಇಲಾಖೆ ಎಚ್ಚರಿಕೆ ನೀಡಿದೆ. ಐಎಂಇಐ ಸಂಖ್ಯೆಗಳನ್ನು ತಿರುಚುವುದು ಮತ್ತು ಬೇರೆಯವರಿಗೆ ಸಿಮ್ ಕಾರ್ಡ್ ನೀಡುವುದು ಶಿಕ್ಷಾರ್ಹ ಅಪರಾಧ. ನಕಲಿ ದಾಖಲೆಗಳನ್ನು ಬಳಸಿ ಸಿಮ್ ಪಡೆಯುವುದು, ಇತರರಿಗೆ ಸಿಮ್ ಹಸ್ತಾಂತರಿಸುವುದು ದೂರಸಂಪರ್ಕ ಕಾಯ್ದೆ 2023ರ ಅಡಿ ಅಪರಾಧವಾಗಿದ್ದು, ಮೂರು ವರ್ಷ ಜೈಲು ಮತ್ತು 50 ಲಕ್ಷ ರೂ.ವರೆಗೆ ದಂಡ ವಿಧಿಸಬಹುದು. ನಾಗರಿಕರು ತಮ್ಮ ಹೆಸರಿನಲ್ಲಿ ನೋಂದಾಯಿತವಾದ ಸಿಮ್ ಕಾರ್ಡ್‌ಗಳನ್ನು ಸಂಚಾರ್ ಸಾಥಿ ಪೋರ್ಟಲ್ ಮೂಲಕ ಪರಿಶೀಲಿಸಬಹುದು ಎಂದು ಇಲಾಖೆ ತಿಳಿಸಿದೆ.
